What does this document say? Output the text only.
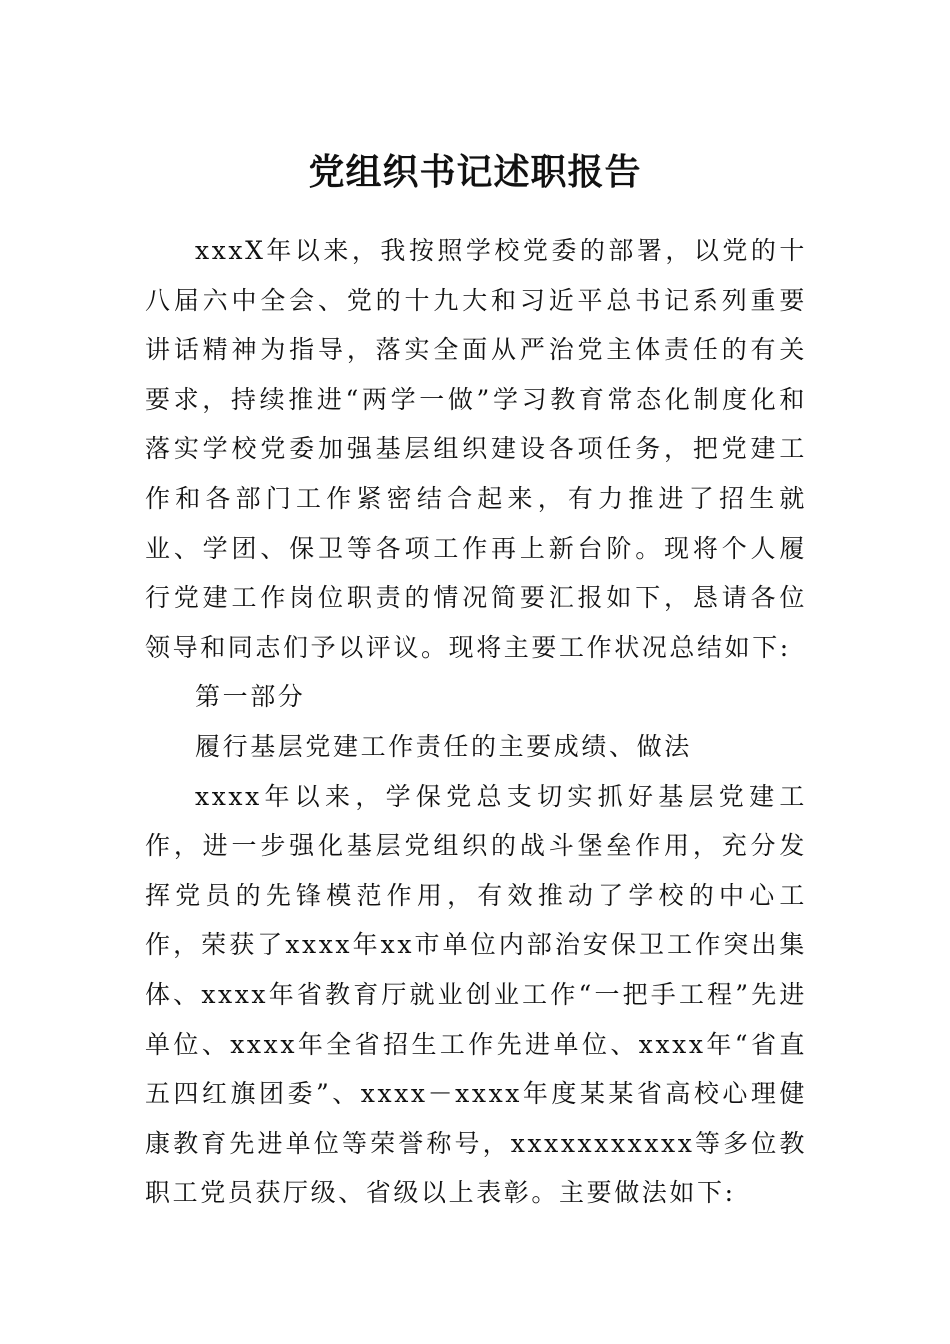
党组织书记述职报告

xxxX年以来，我按照学校党委的部署，以党的十八届六中全会、党的十九大和习近平总书记系列重要讲话精神为指导，落实全面从严治党主体责任的有关要求，持续推进“两学一做”学习教育常态化制度化和落实学校党委加强基层组织建设各项任务，把党建工作和各部门工作紧密结合起来，有力推进了招生就业、学团、保卫等各项工作再上新台阶。现将个人履行党建工作岗位职责的情况简要汇报如下，恳请各位领导和同志们予以评议。现将主要工作状况总结如下:

第一部分

履行基层党建工作责任的主要成绩、做法

xxxx年以来，学保党总支切实抓好基层党建工作，进一步强化基层党组织的战斗堡垒作用，充分发挥党员的先锋模范作用，有效推动了学校的中心工作，荣获了xxxx年xx市单位内部治安保卫工作突出集体、xxxx年省教育厅就业创业工作“一把手工程”先进单位、xxxx年全省招生工作先进单位、xxxx年“省直五四红旗团委”、xxxx－xxxx年度某某省高校心理健康教育先进单位等荣誉称号，xxxxxxxxxxx等多位教职工党员获厅级、省级以上表彰。主要做法如下:
